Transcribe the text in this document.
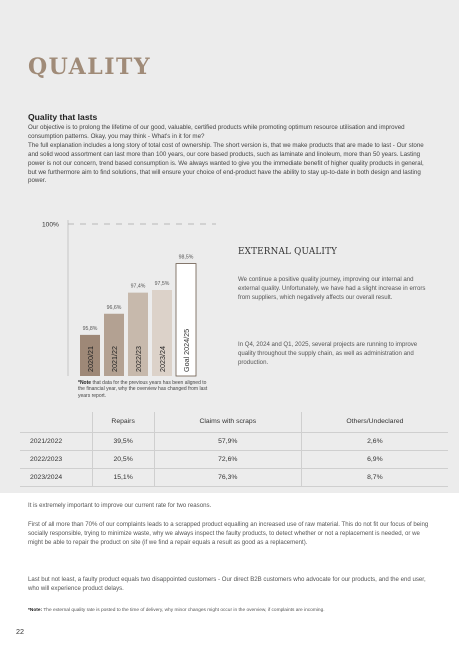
QUALITY
Quality that lasts

Our objective is to prolong the lifetime of our good, valuable, certified products while promoting optimum resource utilisation and improved consumption patterns. Okay, you may think - What's in it for me?

The full explanation includes a long story of total cost of ownership. The short version is, that we make products that are made to last - Our stone and solid wood assortment can last more than 100 years, our core based products, such as laminate and linoleum, more than 50 years. Lasting power is not our concern, trend based consumption is. We always wanted to give you the immediate benefit of higher quality products in general, but we furthermore aim to find solutions, that will ensure your choice of end-product have the ability to stay up-to-date in both design and lasting power.

100%
95,8%
2020/21
96,6%
2021/22
97,4%
2022/23
97,5%
2023/24
98,5%
Goal 2024/25
*Note that data for the previous years has been aligned to the financial year, why the overview has changed from last years report.
EXTERNAL QUALITY

We continue a positive quality journey, improving our internal and external quality. Unfortunately, we have had a slight increase in errors from suppliers, which negatively affects our overall result.

In Q4, 2024 and Q1, 2025, several projects are running to improve quality throughout the supply chain, as well as administration and production.

	Repairs	Claims with scraps	Others/Undeclared
2021/2022	39,5%	57,9%	2,6%
2022/2023	20,5%	72,6%	6,9%
2023/2024	15,1%	76,3%	8,7%

It is extremely important to improve our current rate for two reasons.

First of all more than 70% of our complaints leads to a scrapped product equalling an increased use of raw material. This do not fit our focus of being socially responsible, trying to minimize waste, why we always inspect the faulty products, to detect whether or not a replacement is needed, or we might be able to repair the product on site (if we find a repair equals a result as good as a replacement).

Last but not least, a faulty product equals two disappointed customers - Our direct B2B customers who advocate for our products, and the end user, who will experience product delays.

*Note: The external quality rate is posted to the time of delivery, why minor changes might occur in the overview, if complaints are incoming.

22
